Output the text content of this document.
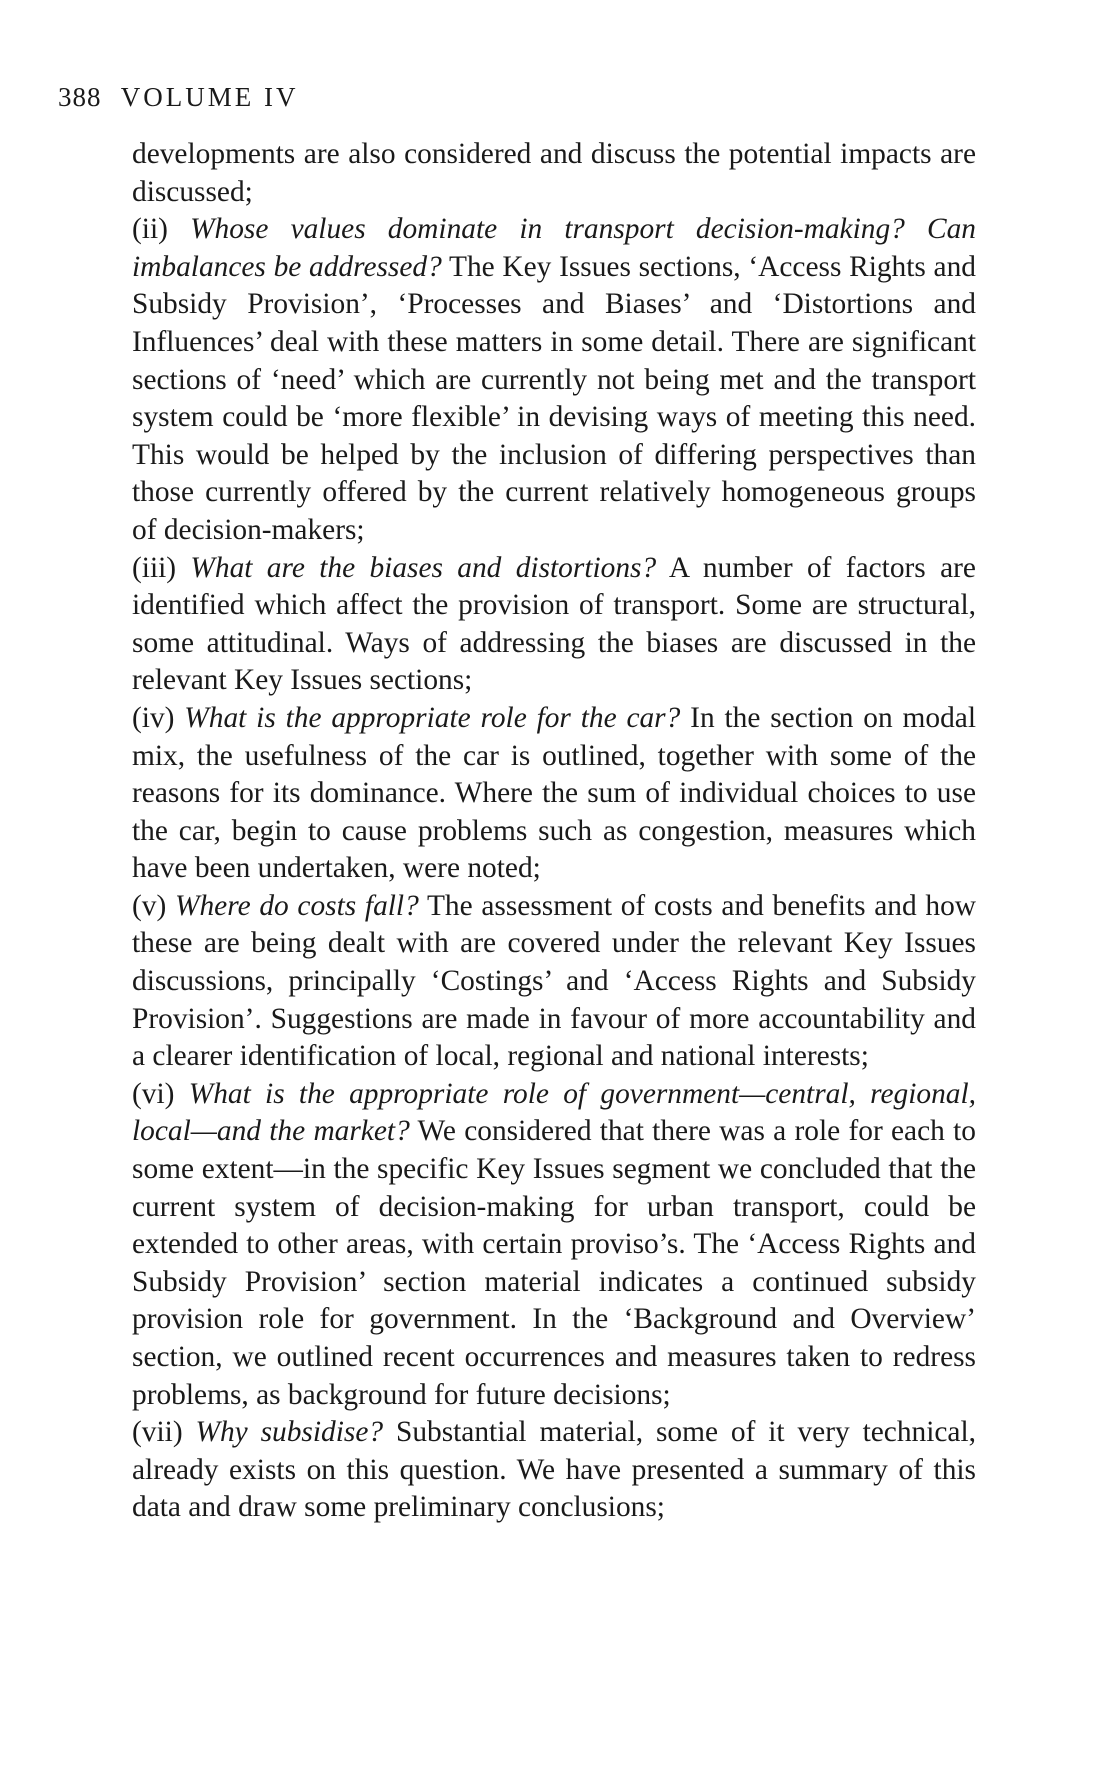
388 VOLUME IV

developments are also considered and discuss the potential impacts are discussed;

(ii) Whose values dominate in transport decision-making? Can imbalances be addressed? The Key Issues sections, ‘Access Rights and Subsidy Provision’, ‘Processes and Biases’ and ‘Distortions and Influences’ deal with these matters in some detail. There are significant sections of ‘need’ which are currently not being met and the transport system could be ‘more flexible’ in devising ways of meeting this need. This would be helped by the inclusion of differing perspectives than those currently offered by the current relatively homogeneous groups of decision-makers;

(iii) What are the biases and distortions? A number of factors are identified which affect the provision of transport. Some are structural, some attitudinal. Ways of addressing the biases are discussed in the relevant Key Issues sections;

(iv) What is the appropriate role for the car? In the section on modal mix, the usefulness of the car is outlined, together with some of the reasons for its dominance. Where the sum of individual choices to use the car, begin to cause problems such as congestion, measures which have been undertaken, were noted;

(v) Where do costs fall? The assessment of costs and benefits and how these are being dealt with are covered under the relevant Key Issues discussions, principally ‘Costings’ and ‘Access Rights and Subsidy Provision’. Suggestions are made in favour of more accountability and a clearer identification of local, regional and national interests;

(vi) What is the appropriate role of government—central, regional, local—and the market? We considered that there was a role for each to some extent—in the specific Key Issues segment we concluded that the current system of decision-making for urban transport, could be extended to other areas, with certain proviso’s. The ‘Access Rights and Subsidy Provision’ section material indicates a continued subsidy provision role for government. In the ‘Background and Overview’ section, we outlined recent occurrences and measures taken to redress problems, as background for future decisions;

(vii) Why subsidise? Substantial material, some of it very technical, already exists on this question. We have presented a summary of this data and draw some preliminary conclusions;
